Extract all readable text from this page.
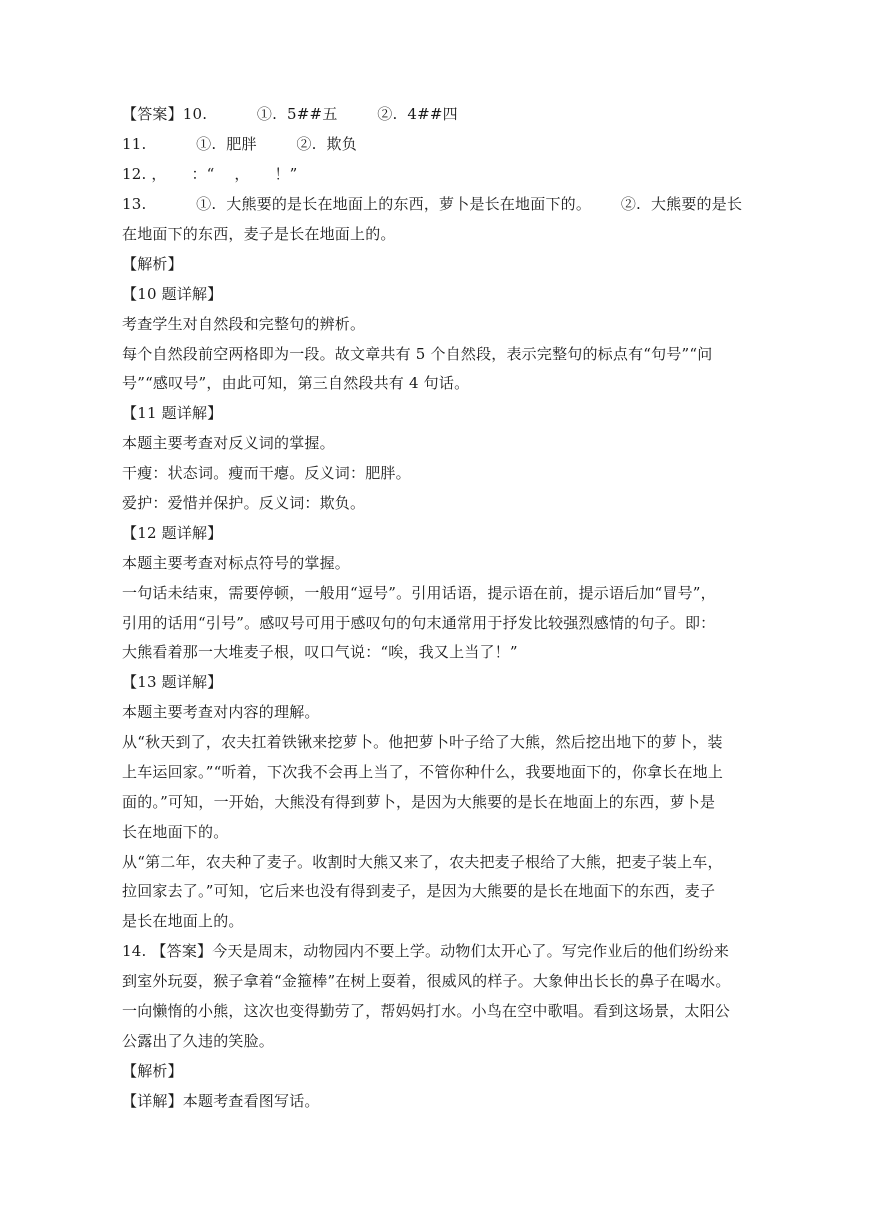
【答案】10.          ①.  5##五        ②.  4##四
11.          ①.  肥胖        ②.  欺负
12. ，     ：“    ，     ！”
13.          ①.  大熊要的是长在地面上的东西，萝卜是长在地面下的。      ②.  大熊要的是长
在地面下的东西，麦子是长在地面上的。
【解析】
【10 题详解】
考查学生对自然段和完整句的辨析。
每个自然段前空两格即为一段。故文章共有 5 个自然段，表示完整句的标点有“句号”“问
号”“感叹号”，由此可知，第三自然段共有 4 句话。
【11 题详解】
本题主要考查对反义词的掌握。
干瘦：状态词。瘦而干瘪。反义词：肥胖。
爱护：爱惜并保护。反义词：欺负。
【12 题详解】
本题主要考查对标点符号的掌握。
一句话未结束，需要停顿，一般用“逗号”。引用话语，提示语在前，提示语后加“冒号”，
引用的话用“引号”。感叹号可用于感叹句的句末通常用于抒发比较强烈感情的句子。即：
大熊看着那一大堆麦子根，叹口气说：“唉，我又上当了！”
【13 题详解】
本题主要考查对内容的理解。
从“秋天到了，农夫扛着铁锹来挖萝卜。他把萝卜叶子给了大熊，然后挖出地下的萝卜，装
上车运回家。”“听着，下次我不会再上当了，不管你种什么，我要地面下的，你拿长在地上
面的。”可知，一开始，大熊没有得到萝卜，是因为大熊要的是长在地面上的东西，萝卜是
长在地面下的。
从“第二年，农夫种了麦子。收割时大熊又来了，农夫把麦子根给了大熊，把麦子装上车，
拉回家去了。”可知，它后来也没有得到麦子，是因为大熊要的是长在地面下的东西，麦子
是长在地面上的。
14. 【答案】今天是周末，动物园内不要上学。动物们太开心了。写完作业后的他们纷纷来
到室外玩耍，猴子拿着“金箍棒”在树上耍着，很威风的样子。大象伸出长长的鼻子在喝水。
一向懒惰的小熊，这次也变得勤劳了，帮妈妈打水。小鸟在空中歌唱。看到这场景，太阳公
公露出了久违的笑脸。
【解析】
【详解】本题考查看图写话。
